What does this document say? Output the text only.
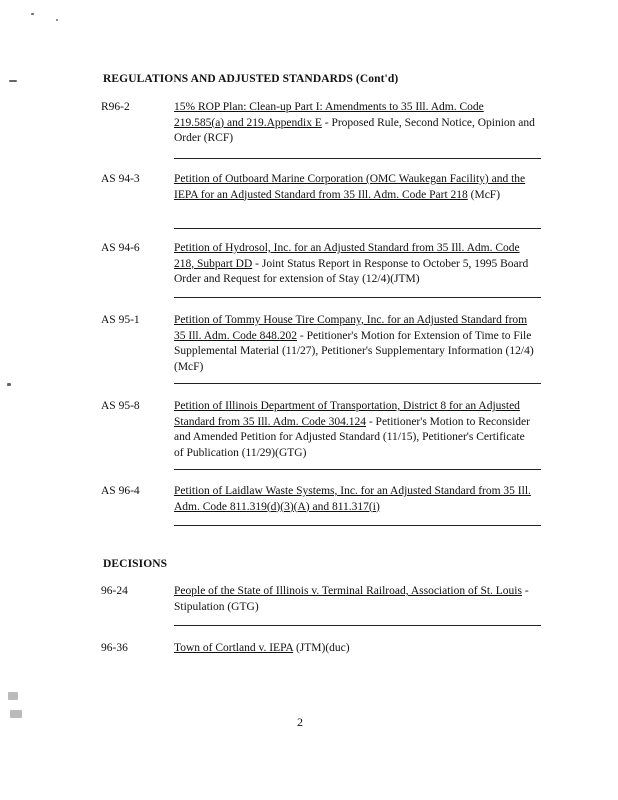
REGULATIONS AND ADJUSTED STANDARDS (Cont'd)
R96-2	15% ROP Plan: Clean-up Part I: Amendments to 35 Ill. Adm. Code 219.585(a) and 219.Appendix E - Proposed Rule, Second Notice, Opinion and Order (RCF)
AS 94-3	Petition of Outboard Marine Corporation (OMC Waukegan Facility) and the IEPA for an Adjusted Standard from 35 Ill. Adm. Code Part 218 (McF)
AS 94-6	Petition of Hydrosol, Inc. for an Adjusted Standard from 35 Ill. Adm. Code 218, Subpart DD - Joint Status Report in Response to October 5, 1995 Board Order and Request for extension of Stay (12/4)(JTM)
AS 95-1	Petition of Tommy House Tire Company, Inc. for an Adjusted Standard from 35 Ill. Adm. Code 848.202 - Petitioner's Motion for Extension of Time to File Supplemental Material (11/27), Petitioner's Supplementary Information (12/4)(McF)
AS 95-8	Petition of Illinois Department of Transportation, District 8 for an Adjusted Standard from 35 Ill. Adm. Code 304.124 - Petitioner's Motion to Reconsider and Amended Petition for Adjusted Standard (11/15), Petitioner's Certificate of Publication (11/29)(GTG)
AS 96-4	Petition of Laidlaw Waste Systems, Inc. for an Adjusted Standard from 35 Ill. Adm. Code 811.319(d)(3)(A) and 811.317(i)
DECISIONS
96-24	People of the State of Illinois v. Terminal Railroad, Association of St. Louis - Stipulation (GTG)
96-36	Town of Cortland v. IEPA (JTM)(duc)
2
